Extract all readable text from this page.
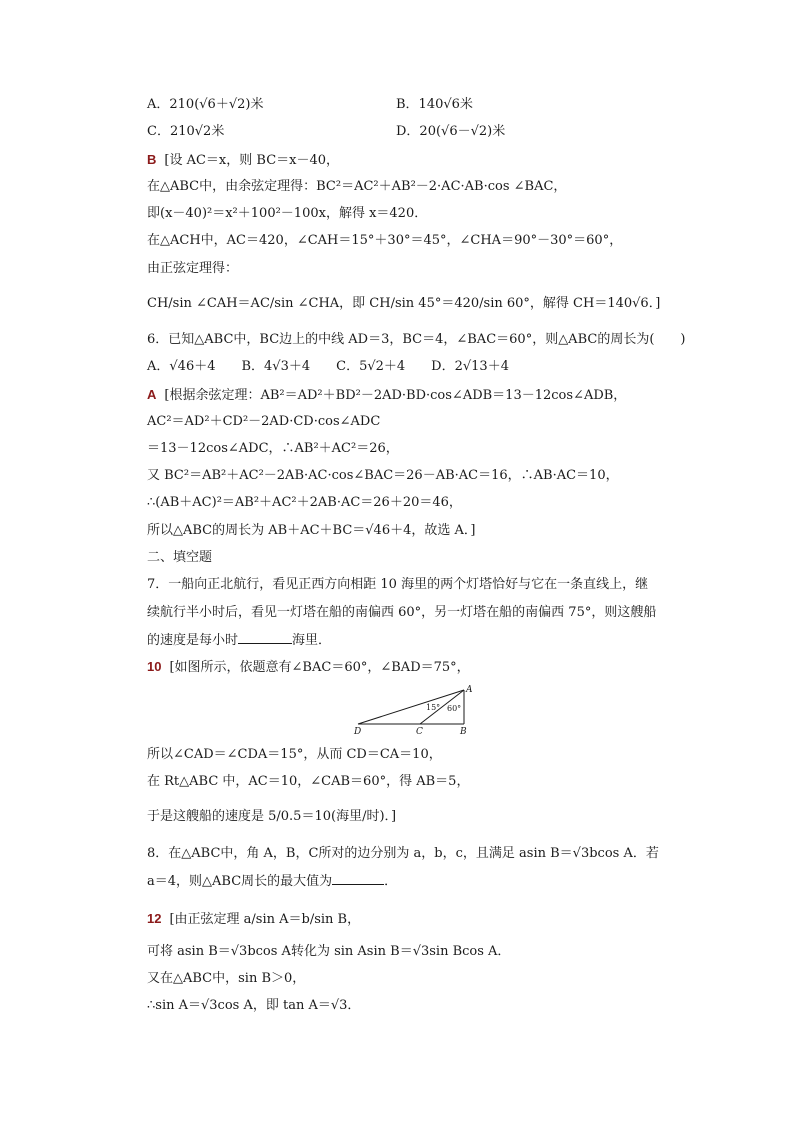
A．210(√6＋√2)米	B．140√6米
C．210√2米	D．20(√6－√2)米
B [设 AC＝x，则 BC＝x－40，
在△ABC中，由余弦定理得：BC²＝AC²＋AB²－2·AC·AB·cos ∠BAC，
即(x－40)²＝x²＋100²－100x，解得 x＝420．
在△ACH中，AC＝420，∠CAH＝15°＋30°＝45°，∠CHA＝90°－30°＝60°，
由正弦定理得：
CH/sin ∠CAH＝AC/sin ∠CHA，即 CH/sin 45°＝420/sin 60°，解得 CH＝140√6．]
6．已知△ABC中，BC边上的中线 AD＝3，BC＝4，∠BAC＝60°，则△ABC的周长为(　　)
A．√46＋4　　B．4√3＋4　　C．5√2＋4　　D．2√13＋4
A [根据余弦定理：AB²＝AD²＋BD²－2AD·BD·cos∠ADB＝13－12cos∠ADB，
AC²＝AD²＋CD²－2AD·CD·cos∠ADC
＝13－12cos∠ADC，∴AB²＋AC²＝26，
又 BC²＝AB²＋AC²－2AB·AC·cos∠BAC＝26－AB·AC＝16，∴AB·AC＝10，
∴(AB＋AC)²＝AB²＋AC²＋2AB·AC＝26＋20＝46，
所以△ABC的周长为 AB＋AC＋BC＝√46＋4，故选 A．]
二、填空题
7．一船向正北航行，看见正西方向相距 10 海里的两个灯塔恰好与它在一条直线上，继
续航行半小时后，看见一灯塔在船的南偏西 60°，另一灯塔在船的南偏西 75°，则这艘船
的速度是每小时	海里．
10 [如图所示，依题意有∠BAC＝60°，∠BAD＝75°，
A
B
C
D
15° 60°
所以∠CAD＝∠CDA＝15°，从而 CD＝CA＝10，
在 Rt△ABC 中，AC＝10，∠CAB＝60°，得 AB＝5，
于是这艘船的速度是 5/0.5＝10(海里/时)．]
8．在△ABC中，角 A，B，C所对的边分别为 a，b，c，且满足 asin B＝√3bcos A．若
a＝4，则△ABC周长的最大值为	．
12 [由正弦定理 a/sin A＝b/sin B，
可将 asin B＝√3bcos A转化为 sin Asin B＝√3sin Bcos A．
又在△ABC中，sin B＞0，
∴sin A＝√3cos A，即 tan A＝√3．
